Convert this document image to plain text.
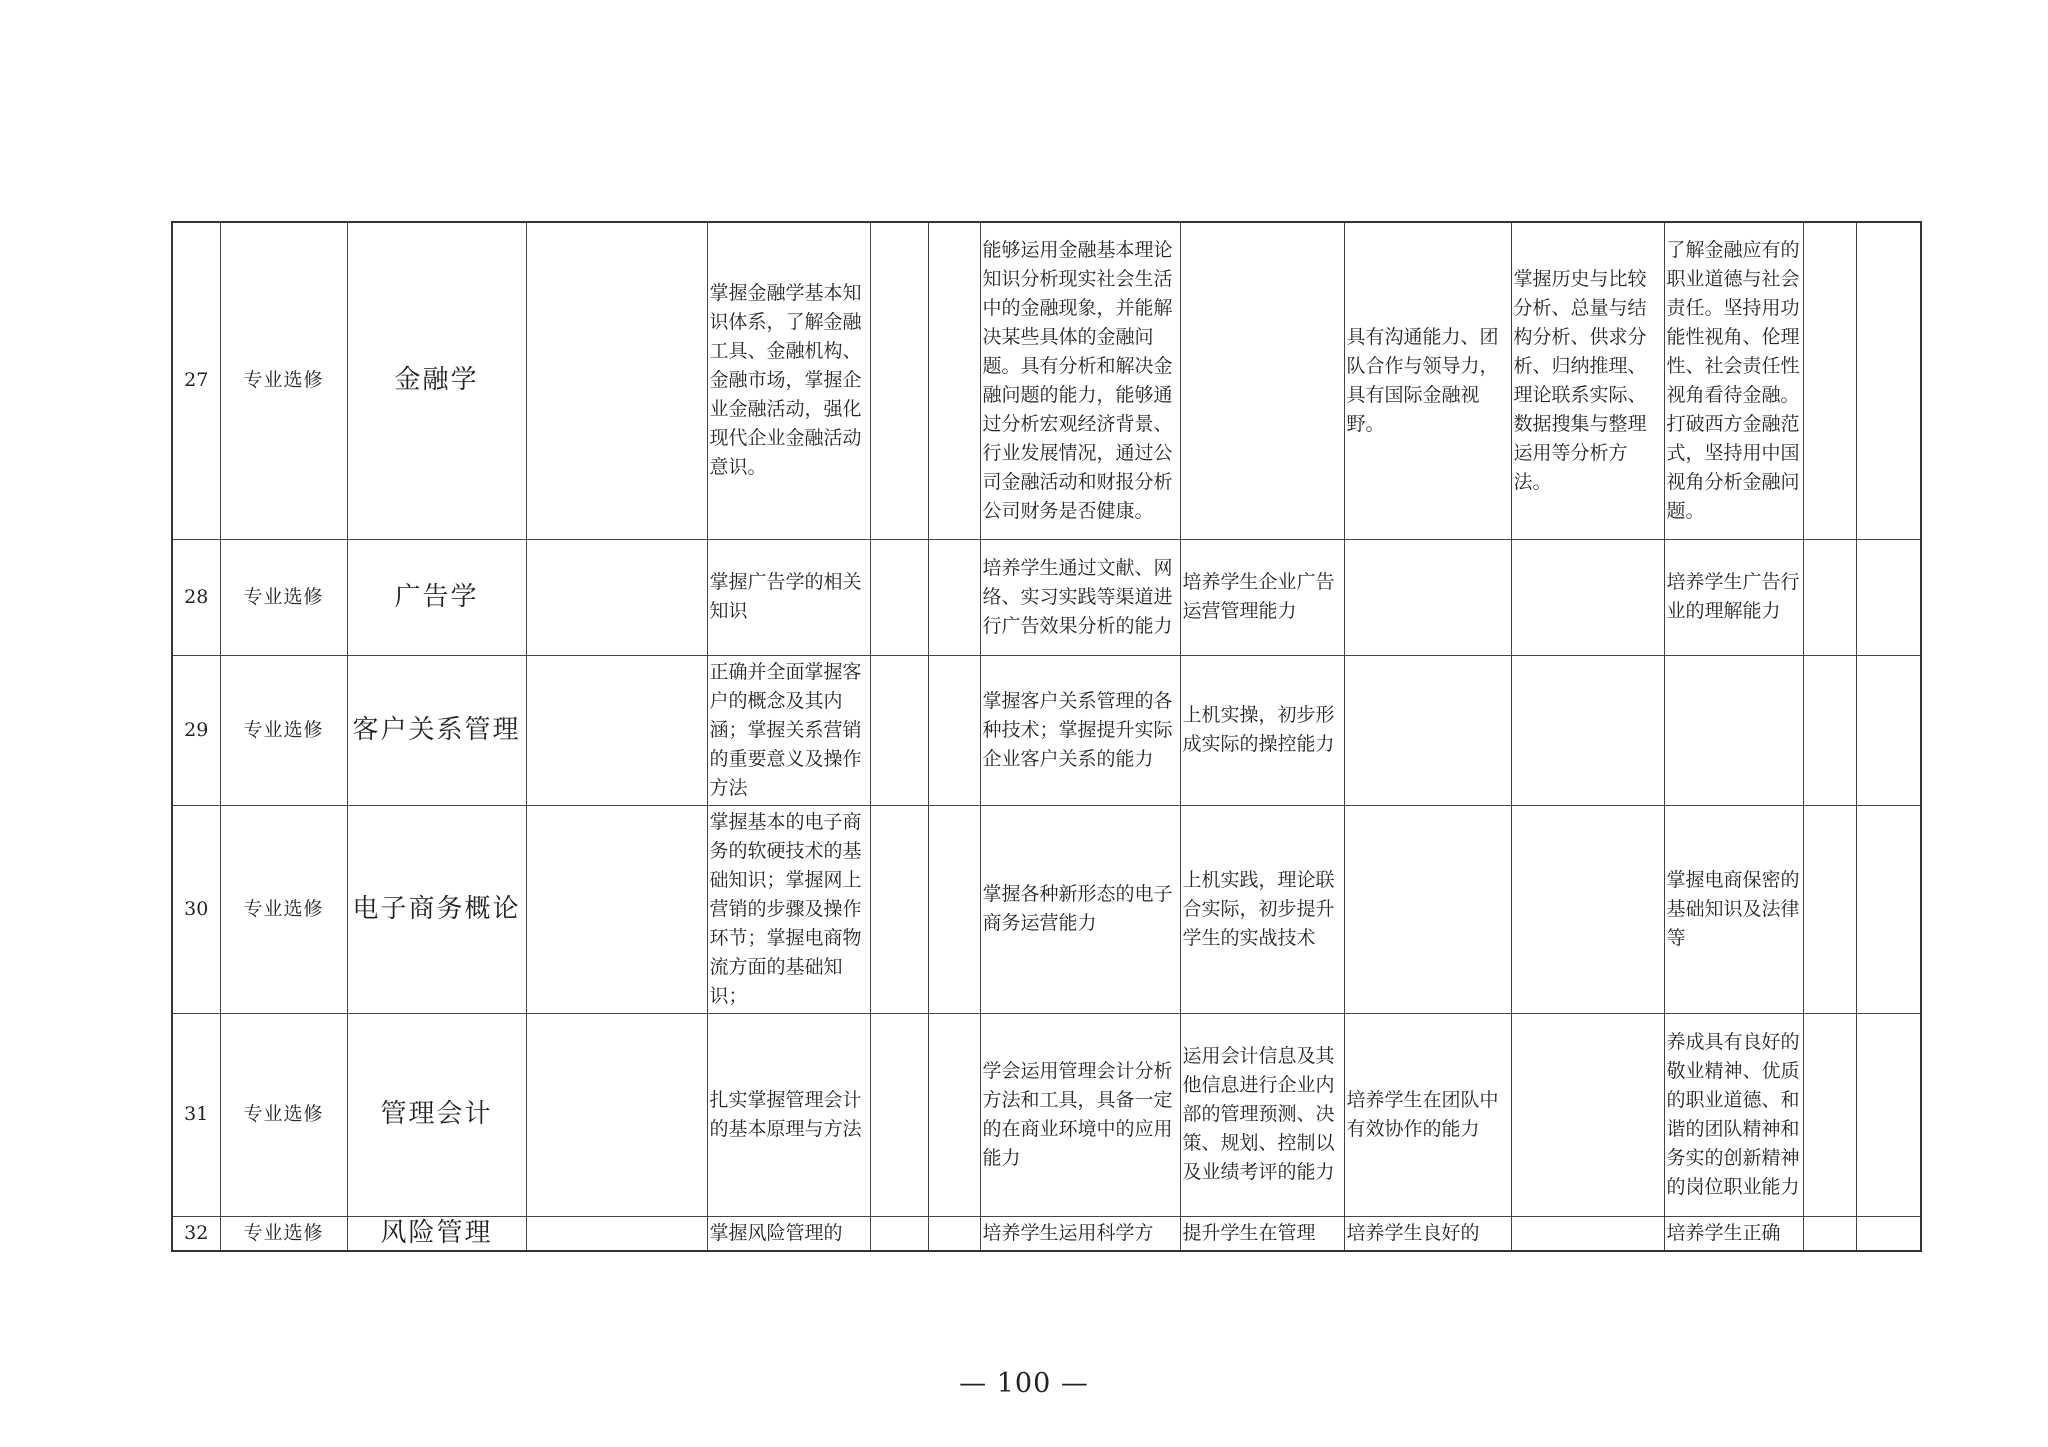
27	专业选修	金融学		掌握金融学基本知识体系，了解金融工具、金融机构、金融市场，掌握企业金融活动，强化现代企业金融活动意识。			能够运用金融基本理论知识分析现实社会生活中的金融现象，并能解决某些具体的金融问题。具有分析和解决金融问题的能力，能够通过分析宏观经济背景、行业发展情况，通过公司金融活动和财报分析公司财务是否健康。		具有沟通能力、团队合作与领导力，具有国际金融视野。	掌握历史与比较分析、总量与结构分析、供求分析、归纳推理、理论联系实际、数据搜集与整理运用等分析方法。	了解金融应有的职业道德与社会责任。坚持用功能性视角、伦理性、社会责任性视角看待金融。打破西方金融范式，坚持用中国视角分析金融问题。		
28	专业选修	广告学		掌握广告学的相关知识			培养学生通过文献、网络、实习实践等渠道进行广告效果分析的能力	培养学生企业广告运营管理能力			培养学生广告行业的理解能力		
29	专业选修	客户关系管理		正确并全面掌握客户的概念及其内涵；掌握关系营销的重要意义及操作方法			掌握客户关系管理的各种技术；掌握提升实际企业客户关系的能力	上机实操，初步形成实际的操控能力					
30	专业选修	电子商务概论		掌握基本的电子商务的软硬技术的基础知识；掌握网上营销的步骤及操作环节；掌握电商物流方面的基础知识；			掌握各种新形态的电子商务运营能力	上机实践，理论联合实际，初步提升学生的实战技术			掌握电商保密的基础知识及法律等		
31	专业选修	管理会计		扎实掌握管理会计的基本原理与方法			学会运用管理会计分析方法和工具，具备一定的在商业环境中的应用能力	运用会计信息及其他信息进行企业内部的管理预测、决策、规划、控制以及业绩考评的能力	培养学生在团队中有效协作的能力		养成具有良好的敬业精神、优质的职业道德、和谐的团队精神和务实的创新精神的岗位职业能力		
32	专业选修	风险管理		掌握风险管理的			培养学生运用科学方	提升学生在管理	培养学生良好的		培养学生正确		
— 100 —
